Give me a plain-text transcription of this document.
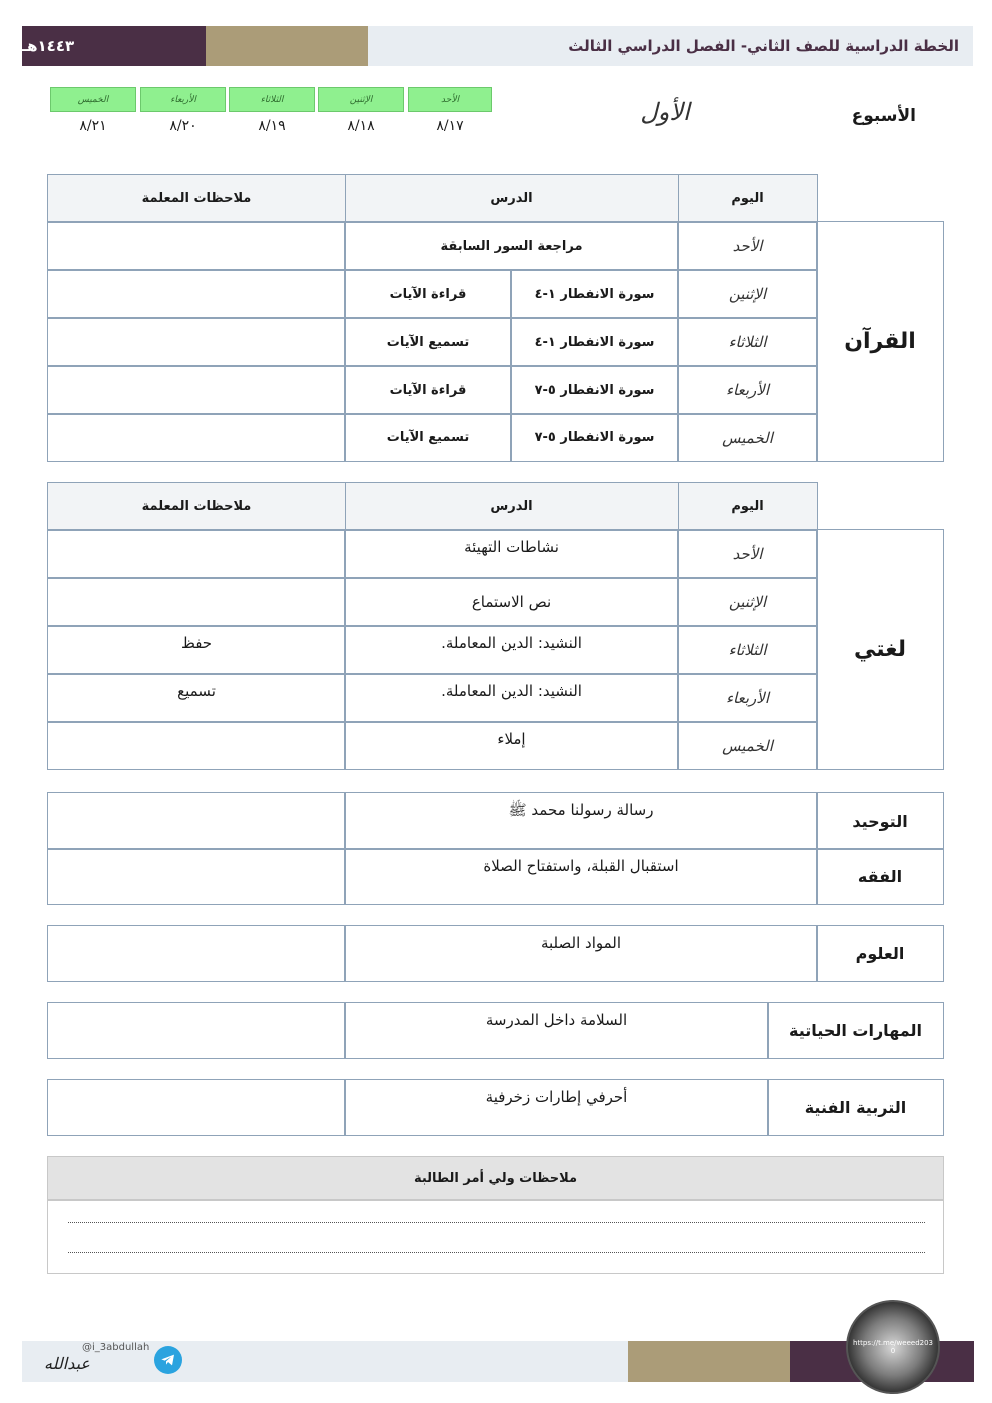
١٤٤٣هـ	الخطة الدراسية للصف الثاني- الفصل الدراسي الثالث
الأسبوع
الأول
الأحد
الإثنين
الثلاثاء
الأربعاء
الخميس
٨/١٧
٨/١٨
٨/١٩
٨/٢٠
٨/٢١
اليوم
الدرس
ملاحظات المعلمة
القرآن
الأحد
مراجعة السور السابقة
الإثنين
سورة الانفطار ١-٤
قراءة الآيات
الثلاثاء
سورة الانفطار ١-٤
تسميع الآيات
الأربعاء
سورة الانفطار ٥-٧
قراءة الآيات
الخميس
سورة الانفطار ٥-٧
تسميع الآيات
اليوم
الدرس
ملاحظات المعلمة
لغتي
الأحد
نشاطات التهيئة
الإثنين
نص الاستماع
الثلاثاء
النشيد: الدين المعاملة.
حفظ
الأربعاء
النشيد: الدين المعاملة.
تسميع
الخميس
إملاء
التوحيد
رسالة رسولنا محمد ﷺ
الفقه
استقبال القبلة، واستفتاح الصلاة
العلوم
المواد الصلبة
المهارات الحياتية
السلامة داخل المدرسة
التربية الفنية
أحرفي إطارات زخرفية
ملاحظات ولي أمر الطالبة
https://t.me/weeed2030
@i_3abdullah
عبدالله
